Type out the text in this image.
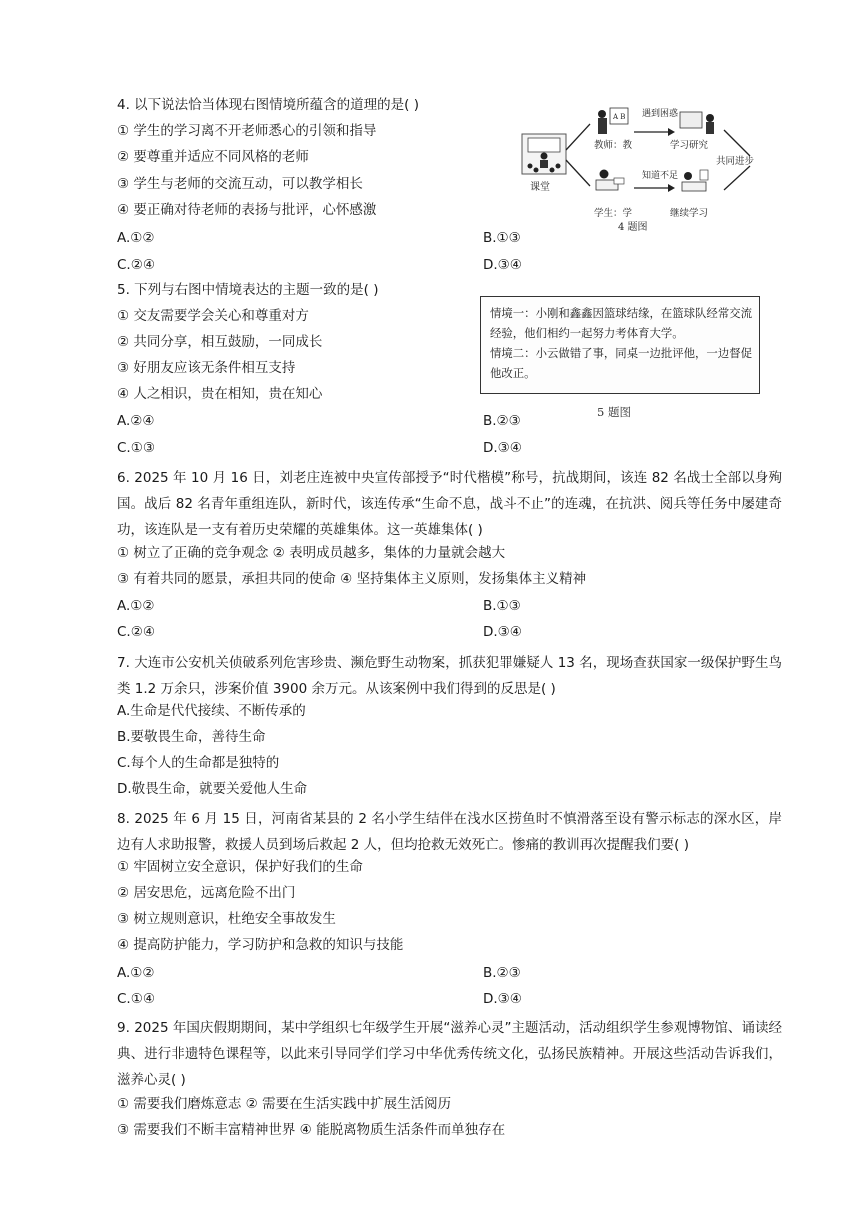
4. 以下说法恰当体现右图情境所蕴含的道理的是( )
① 学生的学习离不开老师悉心的引领和指导
② 要尊重并适应不同风格的老师
③ 学生与老师的交流互动，可以教学相长
④ 要正确对待老师的表扬与批评，心怀感激
A.①②	B.①③
C.②④	D.③④
课堂
A B
教师：教
学生：学
遇到困惑
知道不足
学习研究
继续学习
共同进步
4 题图
5. 下列与右图中情境表达的主题一致的是( )
① 交友需要学会关心和尊重对方
② 共同分享，相互鼓励，一同成长
③ 好朋友应该无条件相互支持
④ 人之相识，贵在相知，贵在知心
A.②④	B.②③
C.①③	D.③④

情境一：小刚和鑫鑫因篮球结缘，在篮球队经常交流经验，他们相约一起努力考体育大学。

情境二：小云做错了事，同桌一边批评他，一边督促他改正。

5 题图
6. 2025 年 10 月 16 日，刘老庄连被中央宣传部授予“时代楷模”称号，抗战期间，该连 82 名战士全部以身殉国。战后 82 名青年重组连队，新时代，该连传承“生命不息，战斗不止”的连魂，在抗洪、阅兵等任务中屡建奇功，该连队是一支有着历史荣耀的英雄集体。这一英雄集体( )
① 树立了正确的竞争观念 ② 表明成员越多，集体的力量就会越大
③ 有着共同的愿景，承担共同的使命 ④ 坚持集体主义原则，发扬集体主义精神
A.①②	B.①③
C.②④	D.③④
7. 大连市公安机关侦破系列危害珍贵、濒危野生动物案，抓获犯罪嫌疑人 13 名，现场查获国家一级保护野生鸟类 1.2 万余只，涉案价值 3900 余万元。从该案例中我们得到的反思是( )
A.生命是代代接续、不断传承的
B.要敬畏生命，善待生命
C.每个人的生命都是独特的
D.敬畏生命，就要关爱他人生命
8. 2025 年 6 月 15 日，河南省某县的 2 名小学生结伴在浅水区捞鱼时不慎滑落至设有警示标志的深水区，岸边有人求助报警，救援人员到场后救起 2 人，但均抢救无效死亡。惨痛的教训再次提醒我们要( )
① 牢固树立安全意识，保护好我们的生命
② 居安思危，远离危险不出门
③ 树立规则意识，杜绝安全事故发生
④ 提高防护能力，学习防护和急救的知识与技能
A.①②	B.②③
C.①④	D.③④
9. 2025 年国庆假期期间，某中学组织七年级学生开展“滋养心灵”主题活动，活动组织学生参观博物馆、诵读经典、进行非遗特色课程等，以此来引导同学们学习中华优秀传统文化，弘扬民族精神。开展这些活动告诉我们，滋养心灵( )
① 需要我们磨炼意志 ② 需要在生活实践中扩展生活阅历
③ 需要我们不断丰富精神世界 ④ 能脱离物质生活条件而单独存在
